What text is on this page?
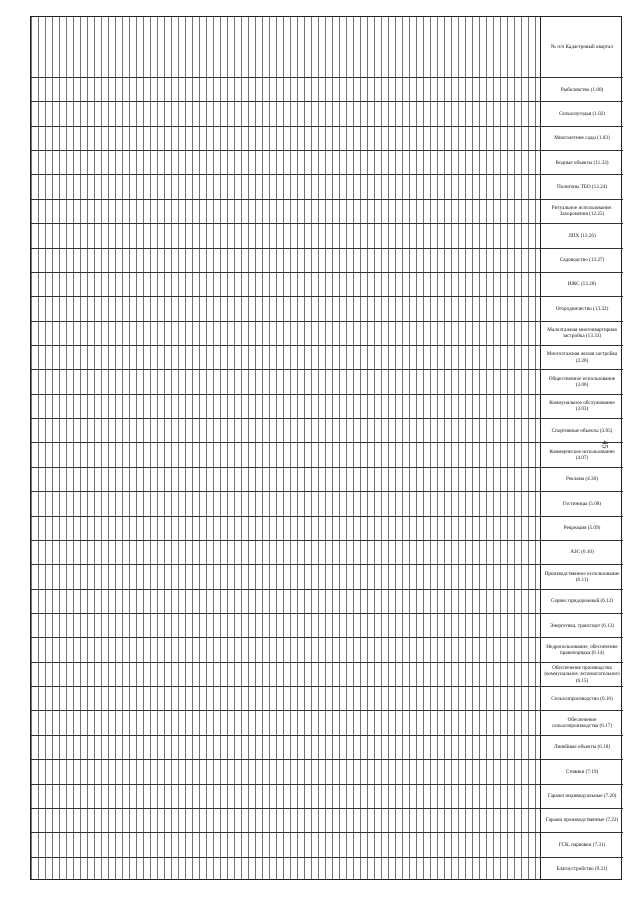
№ п/п Кадастровый квартал
Рыболовство (1.00)
Сельхозугодья (1.02)
Многолетние сады (1.03)
Водные объекты (11.33)
Полигоны ТБО (12.24)
Ритуальное использование. Захоронения (12.25)
ЛПХ (13.26)
Садоводство (13.27)
ИЖС (13.28)
Огородничество (13.32)
Малоэтажная многоквартирная застройка (13.33)
Многоэтажная жилая застройка (2.20)
Общественное использование (3.00)
Коммунальное обслуживание (3.03)
Спортивные объекты (3.05)
Коммерческое использование (4.07)
Реклама (4.30)
Гостиницы (5.08)
Рекреация (5.09)
АЗС (6.10)
Производственное использование (6.11)
Сервис придорожный (6.12)
Энергетика, транспорт (6.13)
Недропользование, обеспечение правопорядка (6.14)
Обеспечение производства (коммунальное, вспомогательное) (6.15)
Сельхозпроизводство (6.16)
Обеспечение сельхозпроизводства (6.17)
Линейные объекты (6.18)
Стоянки (7.19)
Гаражи индивидуальные (7.20)
Гаражи производственные (7.22)
ГСК, парковки (7.31)
Благоустройство (9.21)
45
